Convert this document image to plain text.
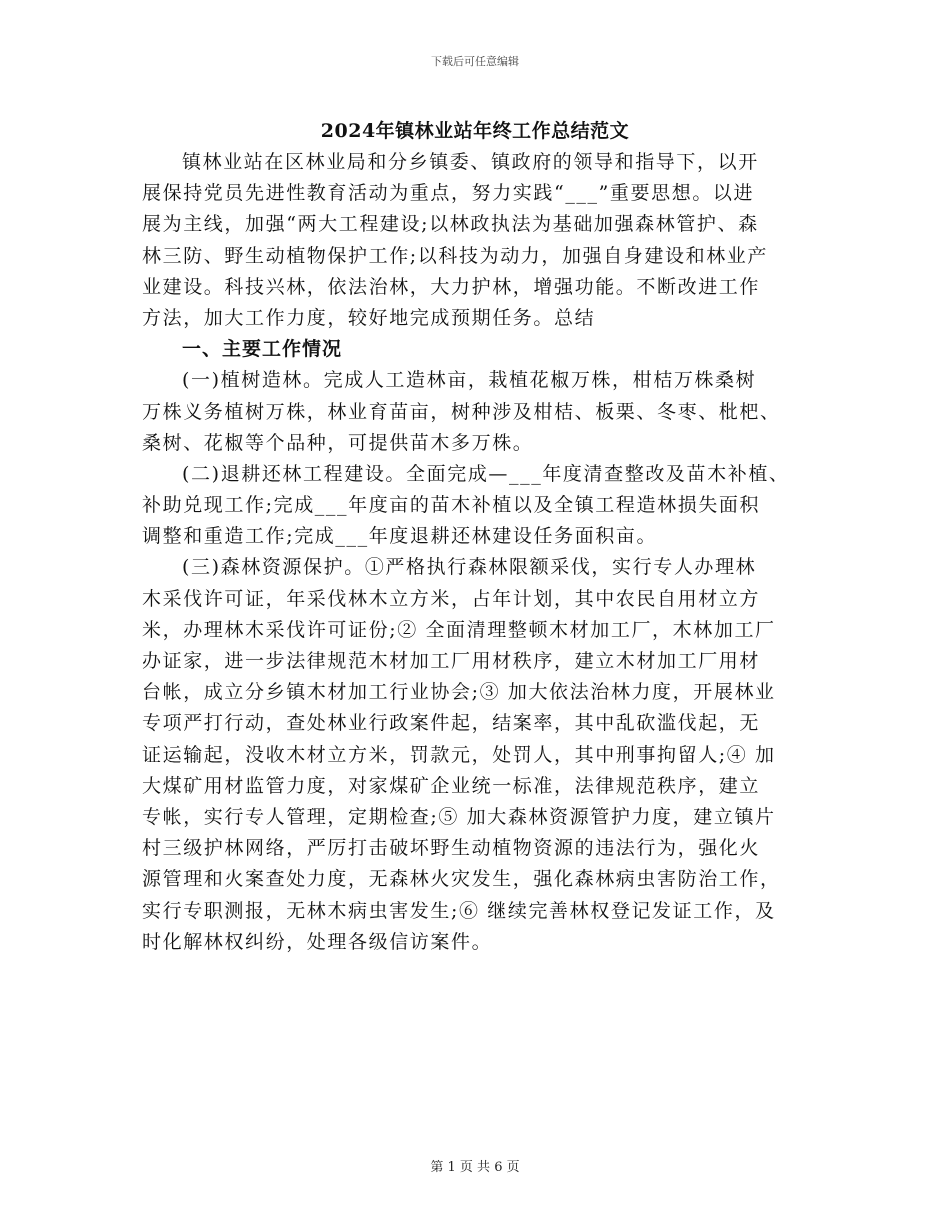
下载后可任意编辑
2024年镇林业站年终工作总结范文
镇林业站在区林业局和分乡镇委、镇政府的领导和指导下，以开
展保持党员先进性教育活动为重点，努力实践“___”重要思想。以进
展为主线，加强“两大工程建设;以林政执法为基础加强森林管护、森
林三防、野生动植物保护工作;以科技为动力，加强自身建设和林业产
业建设。科技兴林，依法治林，大力护林，增强功能。不断改进工作
方法，加大工作力度，较好地完成预期任务。总结
一、主要工作情况
(一)植树造林。完成人工造林亩，栽植花椒万株，柑桔万株桑树
万株义务植树万株，林业育苗亩，树种涉及柑桔、板栗、冬枣、枇杷、
桑树、花椒等个品种，可提供苗木多万株。
(二)退耕还林工程建设。全面完成—___年度清查整改及苗木补植、
补助兑现工作;完成___年度亩的苗木补植以及全镇工程造林损失面积
调整和重造工作;完成___年度退耕还林建设任务面积亩。
(三)森林资源保护。①严格执行森林限额采伐，实行专人办理林
木采伐许可证，年采伐林木立方米，占年计划，其中农民自用材立方
米，办理林木采伐许可证份;② 全面清理整顿木材加工厂，木林加工厂
办证家，进一步法律规范木材加工厂用材秩序，建立木材加工厂用材
台帐，成立分乡镇木材加工行业协会;③ 加大依法治林力度，开展林业
专项严打行动，查处林业行政案件起，结案率，其中乱砍滥伐起，无
证运输起，没收木材立方米，罚款元，处罚人，其中刑事拘留人;④ 加
大煤矿用材监管力度，对家煤矿企业统一标准，法律规范秩序，建立
专帐，实行专人管理，定期检查;⑤ 加大森林资源管护力度，建立镇片
村三级护林网络，严厉打击破坏野生动植物资源的违法行为，强化火
源管理和火案查处力度，无森林火灾发生，强化森林病虫害防治工作，
实行专职测报，无林木病虫害发生;⑥ 继续完善林权登记发证工作，及
时化解林权纠纷，处理各级信访案件。
第 1 页 共 6 页
